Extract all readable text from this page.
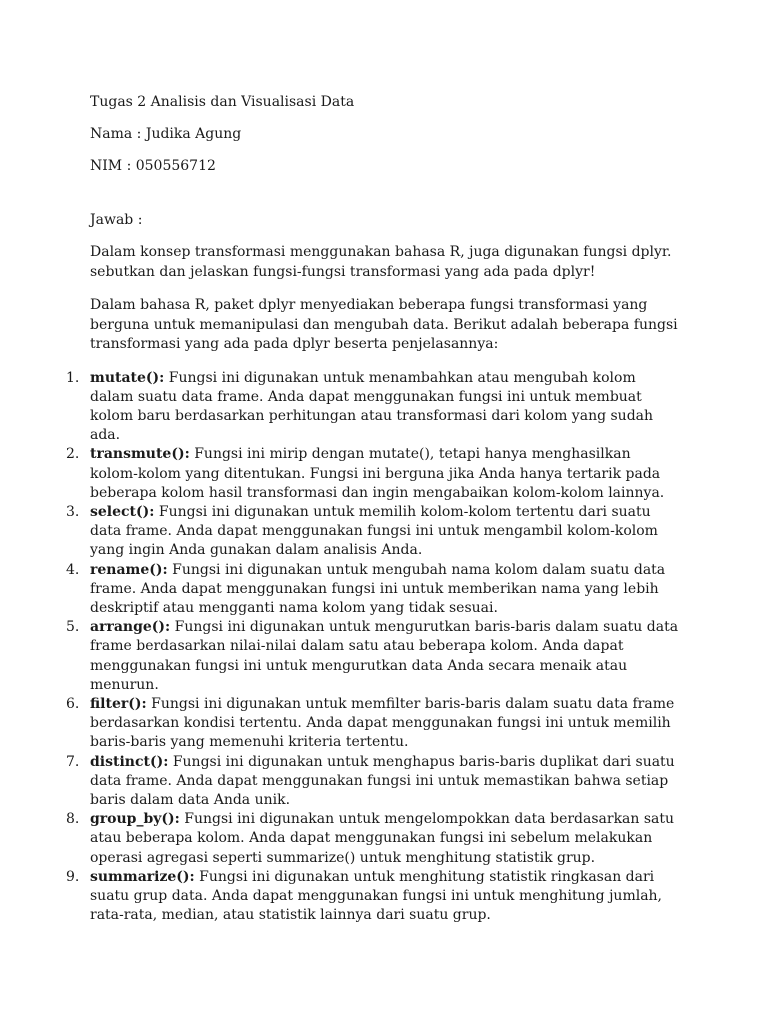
Tugas 2 Analisis dan Visualisasi Data

Nama : Judika Agung

NIM : 050556712

Jawab :

Dalam konsep transformasi menggunakan bahasa R, juga digunakan fungsi dplyr. sebutkan dan jelaskan fungsi-fungsi transformasi yang ada pada dplyr!

Dalam bahasa R, paket dplyr menyediakan beberapa fungsi transformasi yang berguna untuk memanipulasi dan mengubah data. Berikut adalah beberapa fungsi transformasi yang ada pada dplyr beserta penjelasannya:

1. mutate(): Fungsi ini digunakan untuk menambahkan atau mengubah kolom dalam suatu data frame. Anda dapat menggunakan fungsi ini untuk membuat kolom baru berdasarkan perhitungan atau transformasi dari kolom yang sudah ada.
2. transmute(): Fungsi ini mirip dengan mutate(), tetapi hanya menghasilkan kolom-kolom yang ditentukan. Fungsi ini berguna jika Anda hanya tertarik pada beberapa kolom hasil transformasi dan ingin mengabaikan kolom-kolom lainnya.
3. select(): Fungsi ini digunakan untuk memilih kolom-kolom tertentu dari suatu data frame. Anda dapat menggunakan fungsi ini untuk mengambil kolom-kolom yang ingin Anda gunakan dalam analisis Anda.
4. rename(): Fungsi ini digunakan untuk mengubah nama kolom dalam suatu data frame. Anda dapat menggunakan fungsi ini untuk memberikan nama yang lebih deskriptif atau mengganti nama kolom yang tidak sesuai.
5. arrange(): Fungsi ini digunakan untuk mengurutkan baris-baris dalam suatu data frame berdasarkan nilai-nilai dalam satu atau beberapa kolom. Anda dapat menggunakan fungsi ini untuk mengurutkan data Anda secara menaik atau menurun.
6. filter(): Fungsi ini digunakan untuk memfilter baris-baris dalam suatu data frame berdasarkan kondisi tertentu. Anda dapat menggunakan fungsi ini untuk memilih baris-baris yang memenuhi kriteria tertentu.
7. distinct(): Fungsi ini digunakan untuk menghapus baris-baris duplikat dari suatu data frame. Anda dapat menggunakan fungsi ini untuk memastikan bahwa setiap baris dalam data Anda unik.
8. group_by(): Fungsi ini digunakan untuk mengelompokkan data berdasarkan satu atau beberapa kolom. Anda dapat menggunakan fungsi ini sebelum melakukan operasi agregasi seperti summarize() untuk menghitung statistik grup.
9. summarize(): Fungsi ini digunakan untuk menghitung statistik ringkasan dari suatu grup data. Anda dapat menggunakan fungsi ini untuk menghitung jumlah, rata-rata, median, atau statistik lainnya dari suatu grup.
